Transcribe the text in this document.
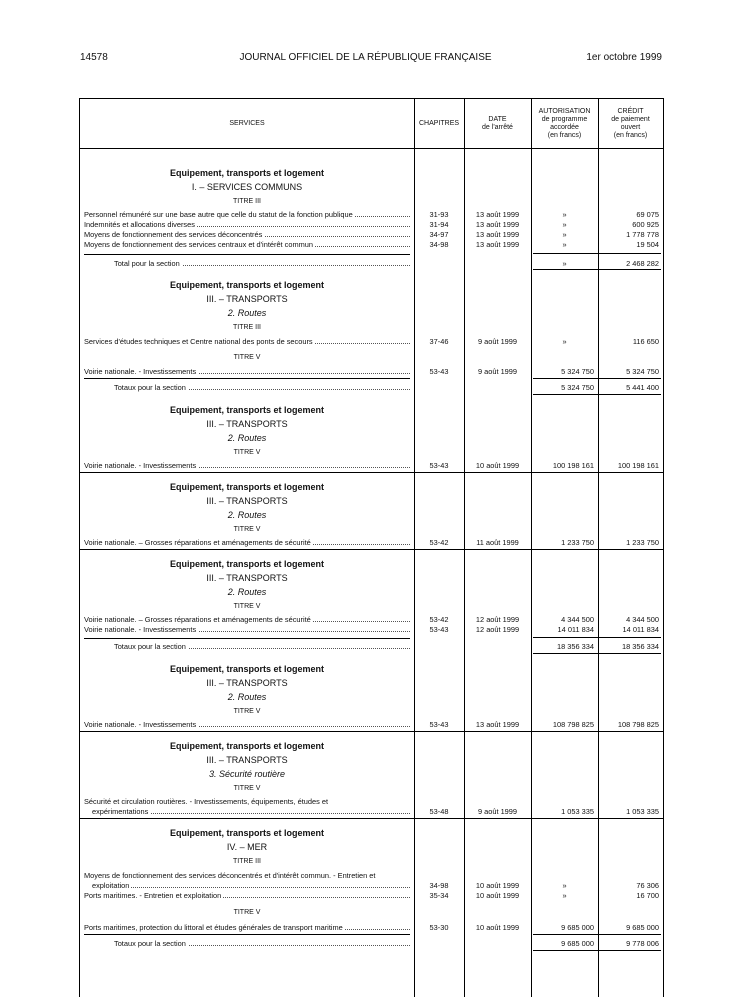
14578	JOURNAL OFFICIEL DE LA RÉPUBLIQUE FRANÇAISE	1er octobre 1999
SERVICES	CHAPITRES
DATE
de l'arrêté
AUTORISATION
de programme
accordée
(en francs)
CRÉDIT
de paiement
ouvert
(en francs)
Equipement, transports et logement
I. – SERVICES COMMUNS
TITRE III
Personnel rémunéré sur une base autre que celle du statut de la fonction publique	31-93	13 août 1999	»	69 075
Indemnités et allocations diverses	31-94	13 août 1999	»	600 925
Moyens de fonctionnement des services déconcentrés	34-97	13 août 1999	»	1 778 778
Moyens de fonctionnement des services centraux et d'intérêt commun	34-98	13 août 1999	»	19 504
Total pour la section	»	2 468 282
Equipement, transports et logement
III. – TRANSPORTS
2. Routes
TITRE III
Services d'études techniques et Centre national des ponts de secours	37-46	9 août 1999	»	116 650
TITRE V
Voirie nationale. - Investissements	53-43	9 août 1999	5 324 750	5 324 750
Totaux pour la section	5 324 750	5 441 400
Equipement, transports et logement
III. – TRANSPORTS
2. Routes
TITRE V
Voirie nationale. - Investissements	53-43	10 août 1999	100 198 161	100 198 161
Equipement, transports et logement
III. – TRANSPORTS
2. Routes
TITRE V
Voirie nationale. – Grosses réparations et aménagements de sécurité	53-42	11 août 1999	1 233 750	1 233 750
Equipement, transports et logement
III. – TRANSPORTS
2. Routes
TITRE V
Voirie nationale. – Grosses réparations et aménagements de sécurité	53-42	12 août 1999	4 344 500	4 344 500
Voirie nationale. - Investissements	53-43	12 août 1999	14 011 834	14 011 834
Totaux pour la section	18 356 334	18 356 334
Equipement, transports et logement
III. – TRANSPORTS
2. Routes
TITRE V
Voirie nationale. - Investissements	53-43	13 août 1999	108 798 825	108 798 825
Equipement, transports et logement
III. – TRANSPORTS
3. Sécurité routière
TITRE V
Sécurité et circulation routières. - Investissements, équipements, études et
expérimentations	53-48	9 août 1999	1 053 335	1 053 335
Equipement, transports et logement
IV. – MER
TITRE III
Moyens de fonctionnement des services déconcentrés et d'intérêt commun. - Entretien et
exploitation	34-98	10 août 1999	»	76 306
Ports maritimes. - Entretien et exploitation	35-34	10 août 1999	»	16 700
TITRE V
Ports maritimes, protection du littoral et études générales de transport maritime	53-30	10 août 1999	9 685 000	9 685 000
Totaux pour la section	9 685 000	9 778 006
